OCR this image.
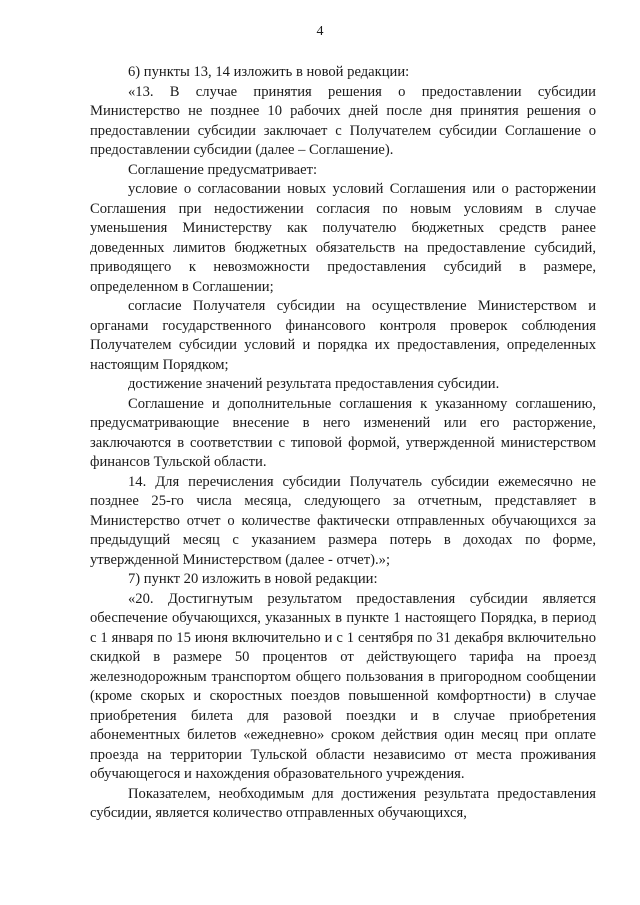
4

6) пункты 13, 14 изложить в новой редакции:

«13. В случае принятия решения о предоставлении субсидии Министерство не позднее 10 рабочих дней после дня принятия решения о предоставлении субсидии заключает с Получателем субсидии Соглашение о предоставлении субсидии (далее – Соглашение).

Соглашение предусматривает:

условие о согласовании новых условий Соглашения или о расторжении Соглашения при недостижении согласия по новым условиям в случае уменьшения Министерству как получателю бюджетных средств ранее доведенных лимитов бюджетных обязательств на предоставление субсидий, приводящего к невозможности предоставления субсидий в размере, определенном в Соглашении;

согласие Получателя субсидии на осуществление Министерством и органами государственного финансового контроля проверок соблюдения Получателем субсидии условий и порядка их предоставления, определенных настоящим Порядком;

достижение значений результата предоставления субсидии.

Соглашение и дополнительные соглашения к указанному соглашению, предусматривающие внесение в него изменений или его расторжение, заключаются в соответствии с типовой формой, утвержденной министерством финансов Тульской области.

14. Для перечисления субсидии Получатель субсидии ежемесячно не позднее 25-го числа месяца, следующего за отчетным, представляет в Министерство отчет о количестве фактически отправленных обучающихся за предыдущий месяц с указанием размера потерь в доходах по форме, утвержденной Министерством (далее - отчет).»;

7) пункт 20 изложить в новой редакции:

«20. Достигнутым результатом предоставления субсидии является обеспечение обучающихся, указанных в пункте 1 настоящего Порядка, в период с 1 января по 15 июня включительно и с 1 сентября по 31 декабря включительно скидкой в размере 50 процентов от действующего тарифа на проезд железнодорожным транспортом общего пользования в пригородном сообщении (кроме скорых и скоростных поездов повышенной комфортности) в случае приобретения билета для разовой поездки и в случае приобретения абонементных билетов «ежедневно» сроком действия один месяц при оплате проезда на территории Тульской области независимо от места проживания обучающегося и нахождения образовательного учреждения.

Показателем, необходимым для достижения результата предоставления субсидии, является количество отправленных обучающихся,
